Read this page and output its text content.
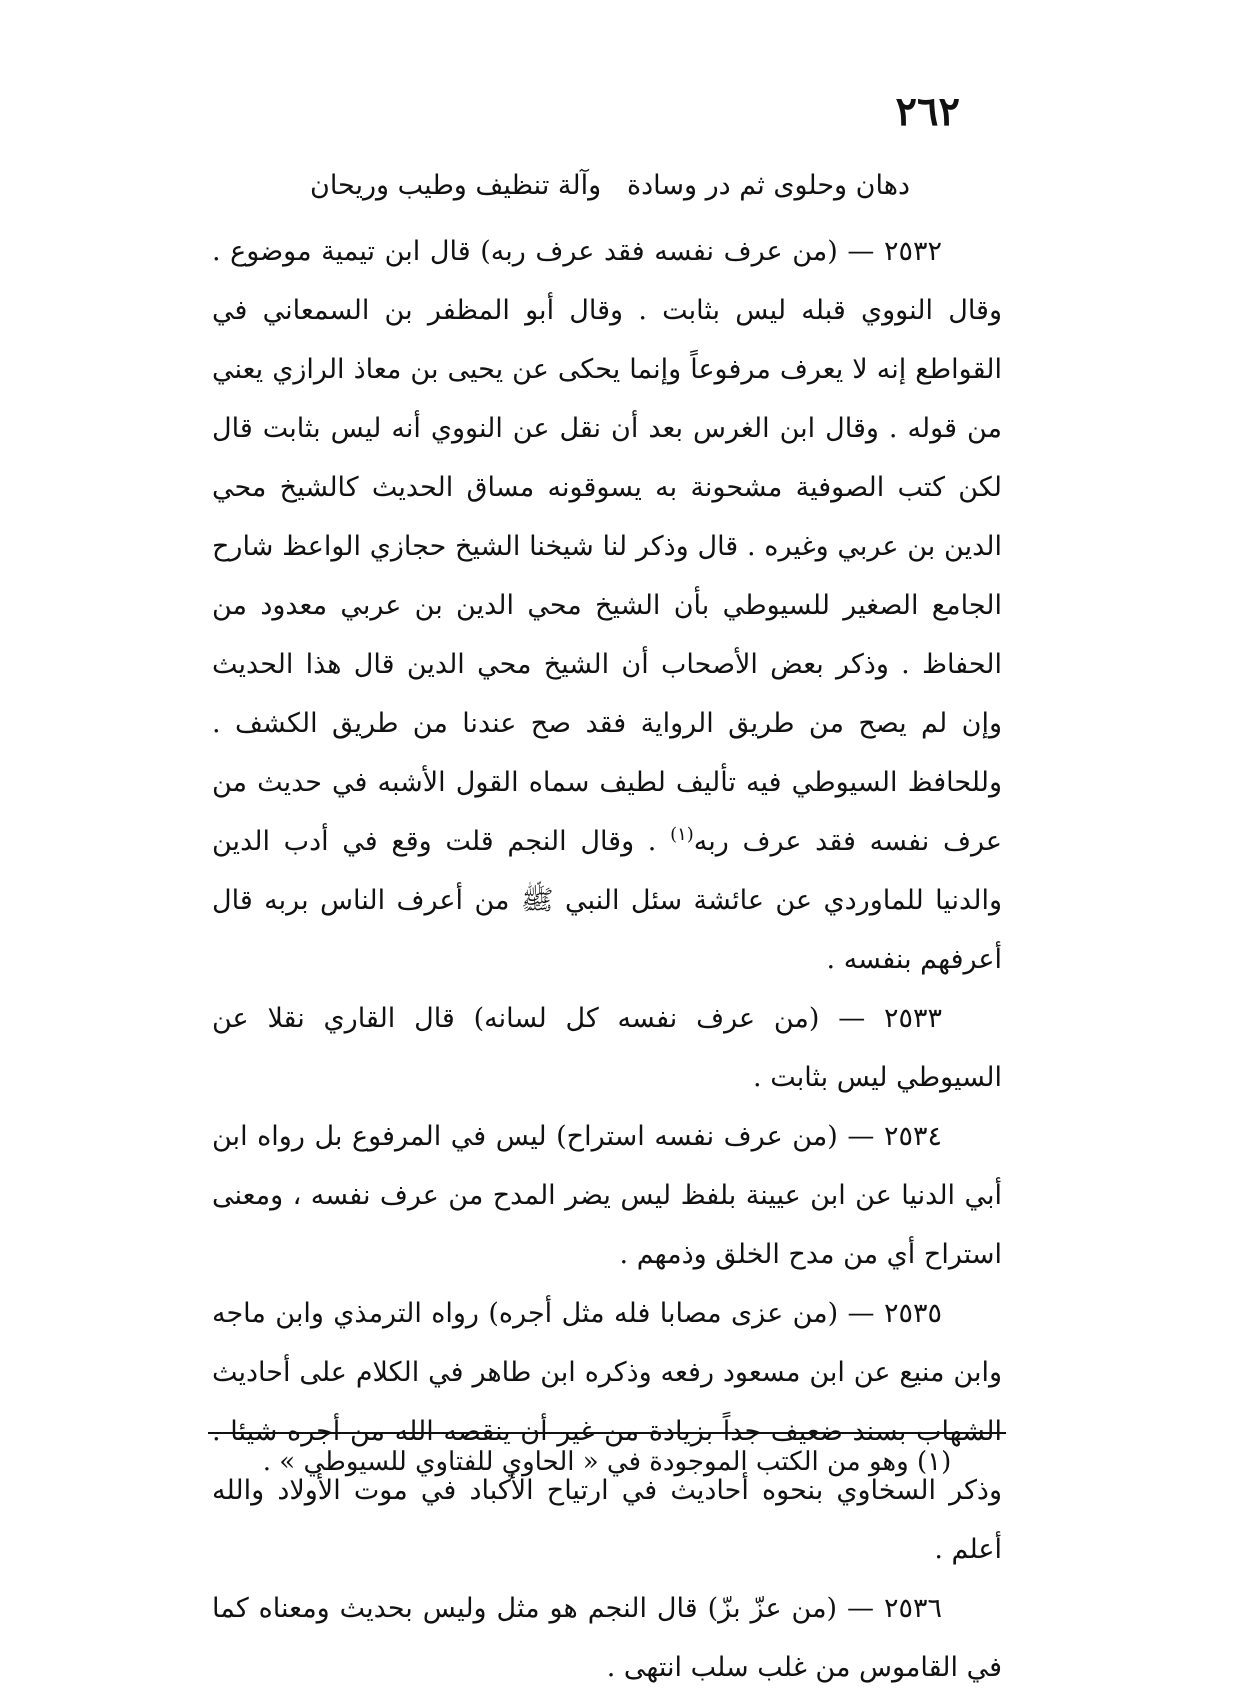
٢٦٢
دهان وحلوى ثم در وسادة
وآلة تنظيف وطيب وريحان

٢٥٣٢ — (من عرف نفسه فقد عرف ربه) قال ابن تيمية موضوع . وقال النووي قبله ليس بثابت . وقال أبو المظفر بن السمعاني في القواطع إنه لا يعرف مرفوعاً وإنما يحكى عن يحيى بن معاذ الرازي يعني من قوله . وقال ابن الغرس بعد أن نقل عن النووي أنه ليس بثابت قال لكن كتب الصوفية مشحونة به يسوقونه مساق الحديث كالشيخ محي الدين بن عربي وغيره . قال وذكر لنا شيخنا الشيخ حجازي الواعظ شارح الجامع الصغير للسيوطي بأن الشيخ محي الدين بن عربي معدود من الحفاظ . وذكر بعض الأصحاب أن الشيخ محي الدين قال هذا الحديث وإن لم يصح من طريق الرواية فقد صح عندنا من طريق الكشف . وللحافظ السيوطي فيه تأليف لطيف سماه القول الأشبه في حديث من عرف نفسه فقد عرف ربه$^{(١)}$ . وقال النجم قلت وقع في أدب الدين والدنيا للماوردي عن عائشة سئل النبي ﷺ من أعرف الناس بربه قال أعرفهم بنفسه .

٢٥٣٣ — (من عرف نفسه كل لسانه) قال القاري نقلا عن السيوطي ليس بثابت .

٢٥٣٤ — (من عرف نفسه استراح) ليس في المرفوع بل رواه ابن أبي الدنيا عن ابن عيينة بلفظ ليس يضر المدح من عرف نفسه ، ومعنى استراح أي من مدح الخلق وذمهم .

٢٥٣٥ — (من عزى مصابا فله مثل أجره) رواه الترمذي وابن ماجه وابن منيع عن ابن مسعود رفعه وذكره ابن طاهر في الكلام على أحاديث الشهاب بسند ضعيف جداً بزيادة من غير أن ينقصه الله من أجره شيئا . وذكر السخاوي بنحوه أحاديث في ارتياح الأكباد في موت الأولاد والله أعلم .

٢٥٣٦ — (من عزّ بزّ) قال النجم هو مثل وليس بحديث ومعناه كما في القاموس من غلب سلب انتهى .

(١) وهو من الكتب الموجودة في « الحاوي للفتاوي للسيوطي » .
